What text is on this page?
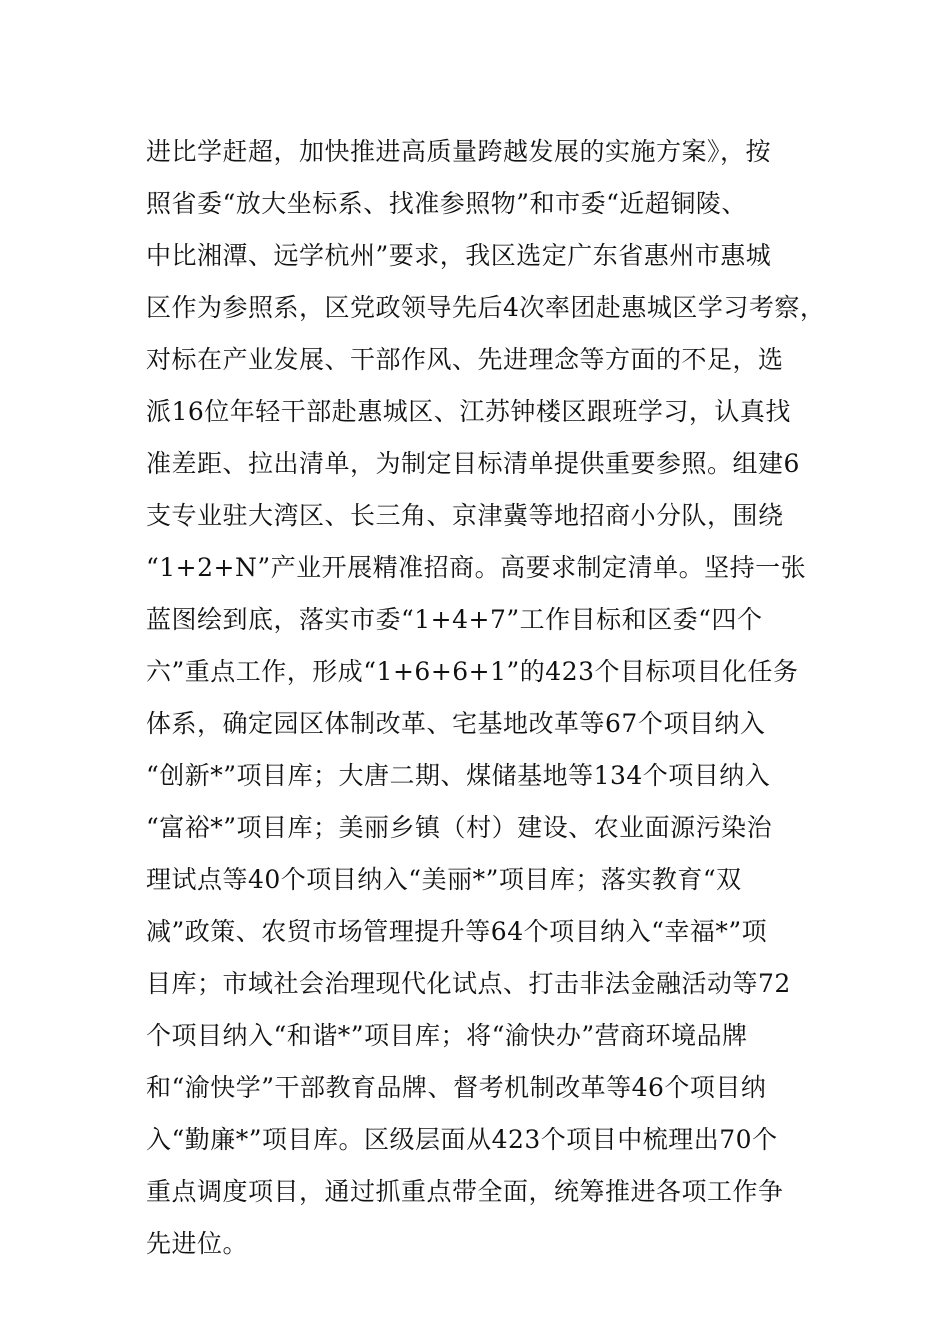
进比学赶超，加快推进高质量跨越发展的实施方案》，按
照省委“放大坐标系、找准参照物”和市委“近超铜陵、
中比湘潭、远学杭州”要求，我区选定广东省惠州市惠城
区作为参照系，区党政领导先后4次率团赴惠城区学习考察，
对标在产业发展、干部作风、先进理念等方面的不足，选
派16位年轻干部赴惠城区、江苏钟楼区跟班学习，认真找
准差距、拉出清单，为制定目标清单提供重要参照。组建6
支专业驻大湾区、长三角、京津冀等地招商小分队，围绕
“1+2+N”产业开展精准招商。高要求制定清单。坚持一张
蓝图绘到底，落实市委“1+4+7”工作目标和区委“四个
六”重点工作，形成“1+6+6+1”的423个目标项目化任务
体系，确定园区体制改革、宅基地改革等67个项目纳入
“创新*”项目库；大唐二期、煤储基地等134个项目纳入
“富裕*”项目库；美丽乡镇（村）建设、农业面源污染治
理试点等40个项目纳入“美丽*”项目库；落实教育“双
减”政策、农贸市场管理提升等64个项目纳入“幸福*”项
目库；市域社会治理现代化试点、打击非法金融活动等72
个项目纳入“和谐*”项目库；将“渝快办”营商环境品牌
和“渝快学”干部教育品牌、督考机制改革等46个项目纳
入“勤廉*”项目库。区级层面从423个项目中梳理出70个
重点调度项目，通过抓重点带全面，统筹推进各项工作争
先进位。
